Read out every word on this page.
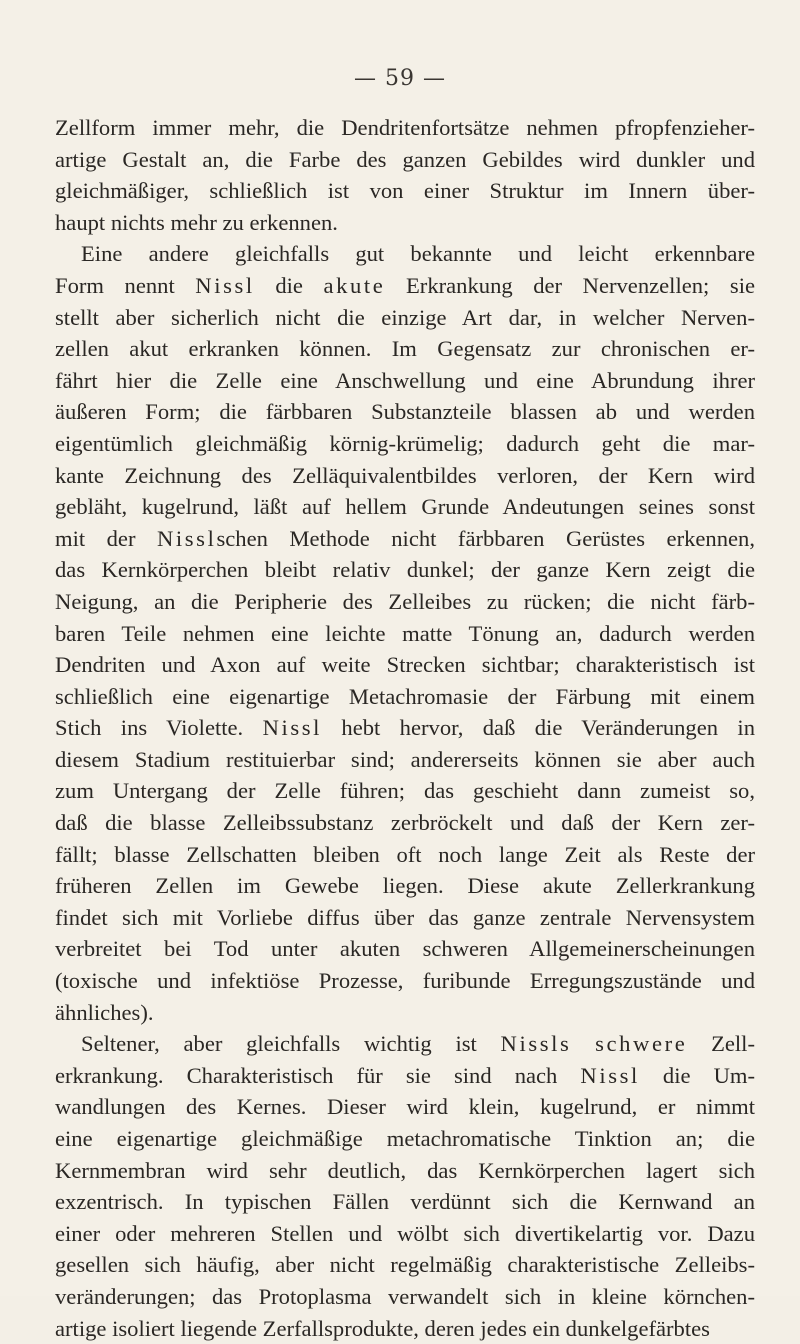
— 59 —
Zellform immer mehr, die Dendritenfortsätze nehmen pfropfenzieher-
artige Gestalt an, die Farbe des ganzen Gebildes wird dunkler und
gleichmäßiger, schließlich ist von einer Struktur im Innern über-
haupt nichts mehr zu erkennen.
Eine andere gleichfalls gut bekannte und leicht erkennbare
Form nennt Nissl die akute Erkrankung der Nervenzellen; sie
stellt aber sicherlich nicht die einzige Art dar, in welcher Nerven-
zellen akut erkranken können. Im Gegensatz zur chronischen er-
fährt hier die Zelle eine Anschwellung und eine Abrundung ihrer
äußeren Form; die färbbaren Substanzteile blassen ab und werden
eigentümlich gleichmäßig körnig-krümelig; dadurch geht die mar-
kante Zeichnung des Zelläquivalentbildes verloren, der Kern wird
gebläht, kugelrund, läßt auf hellem Grunde Andeutungen seines sonst
mit der Nisslschen Methode nicht färbbaren Gerüstes erkennen,
das Kernkörperchen bleibt relativ dunkel; der ganze Kern zeigt die
Neigung, an die Peripherie des Zelleibes zu rücken; die nicht färb-
baren Teile nehmen eine leichte matte Tönung an, dadurch werden
Dendriten und Axon auf weite Strecken sichtbar; charakteristisch ist
schließlich eine eigenartige Metachromasie der Färbung mit einem
Stich ins Violette. Nissl hebt hervor, daß die Veränderungen in
diesem Stadium restituierbar sind; andererseits können sie aber auch
zum Untergang der Zelle führen; das geschieht dann zumeist so,
daß die blasse Zelleibssubstanz zerbröckelt und daß der Kern zer-
fällt; blasse Zellschatten bleiben oft noch lange Zeit als Reste der
früheren Zellen im Gewebe liegen. Diese akute Zellerkrankung
findet sich mit Vorliebe diffus über das ganze zentrale Nervensystem
verbreitet bei Tod unter akuten schweren Allgemeinerscheinungen
(toxische und infektiöse Prozesse, furibunde Erregungszustände und
ähnliches).
Seltener, aber gleichfalls wichtig ist Nissls schwere Zell-
erkrankung. Charakteristisch für sie sind nach Nissl die Um-
wandlungen des Kernes. Dieser wird klein, kugelrund, er nimmt
eine eigenartige gleichmäßige metachromatische Tinktion an; die
Kernmembran wird sehr deutlich, das Kernkörperchen lagert sich
exzentrisch. In typischen Fällen verdünnt sich die Kernwand an
einer oder mehreren Stellen und wölbt sich divertikelartig vor. Dazu
gesellen sich häufig, aber nicht regelmäßig charakteristische Zelleibs-
veränderungen; das Protoplasma verwandelt sich in kleine körnchen-
artige isoliert liegende Zerfallsprodukte, deren jedes ein dunkelgefärbtes
